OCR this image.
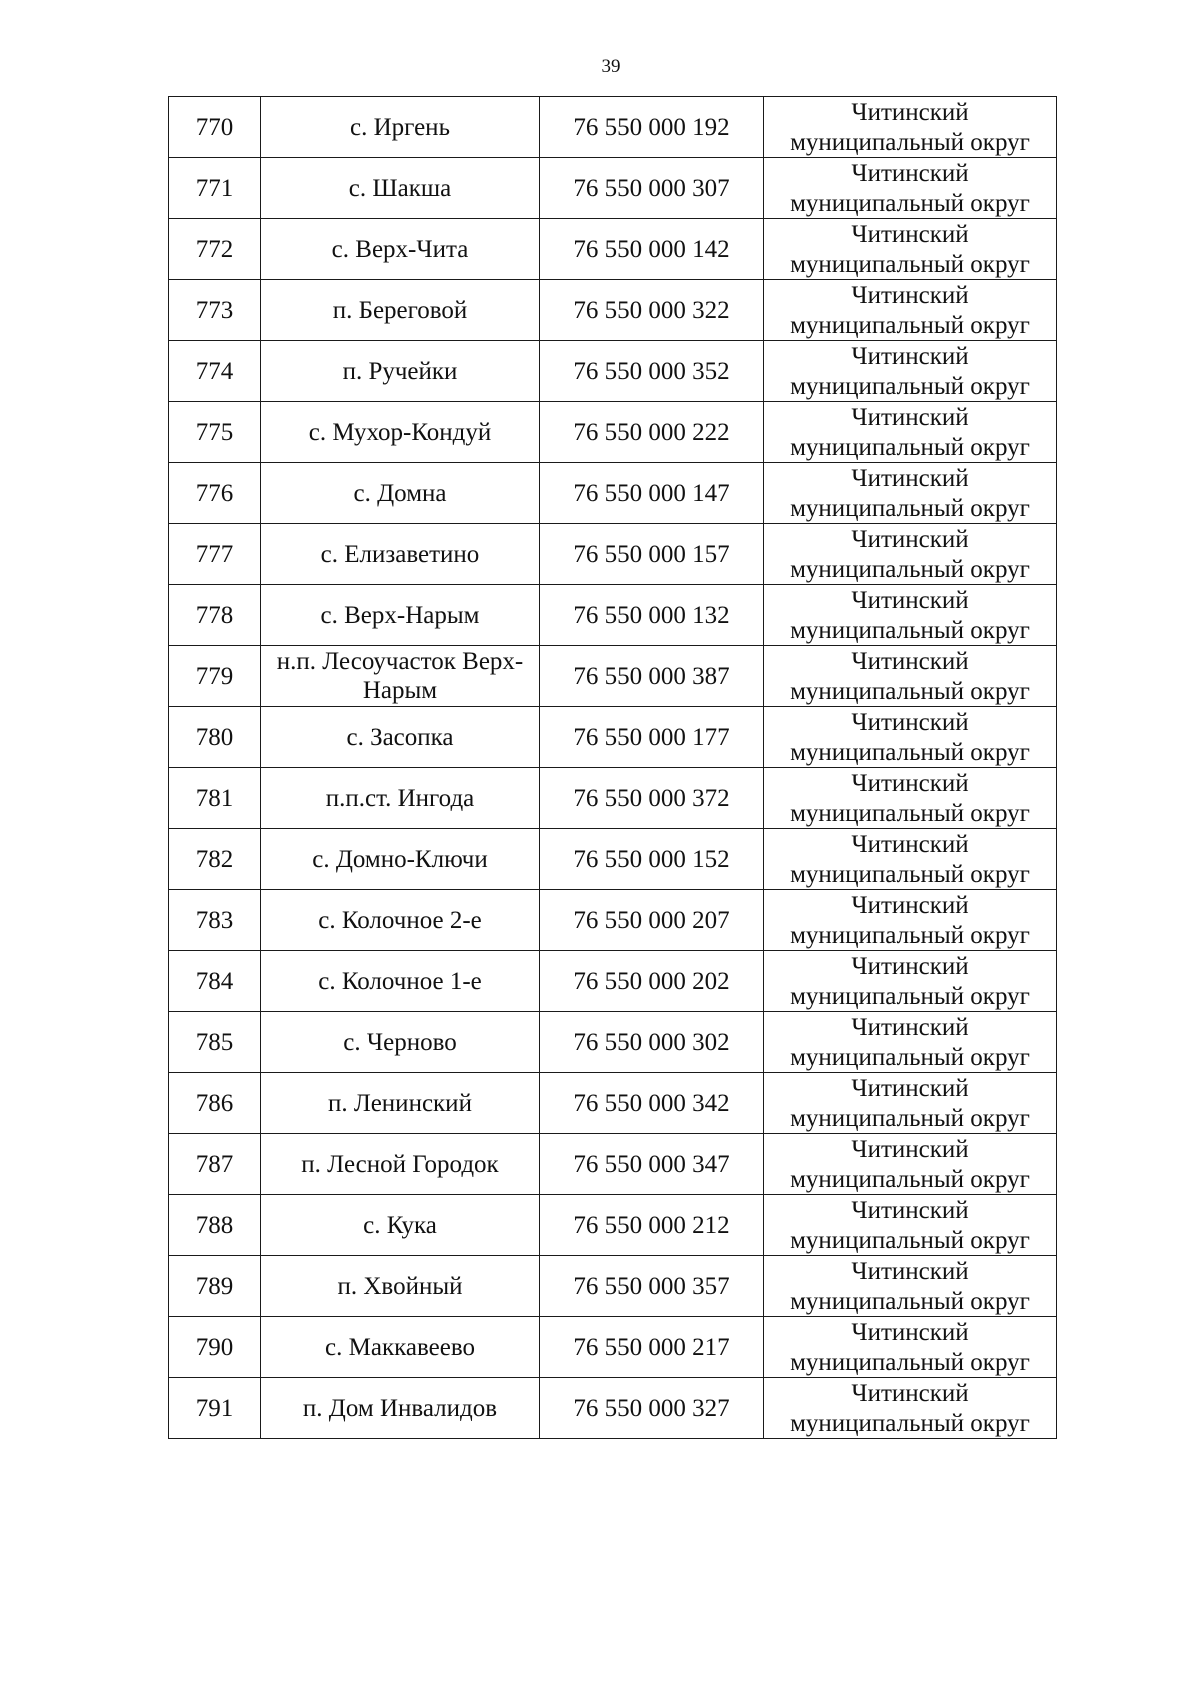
39
770	с. Иргень	76 550 000 192	Читинский
муниципальный округ

771	с. Шакша	76 550 000 307	Читинский
муниципальный округ

772	с. Верх-Чита	76 550 000 142	Читинский
муниципальный округ

773	п. Береговой	76 550 000 322	Читинский
муниципальный округ

774	п. Ручейки	76 550 000 352	Читинский
муниципальный округ

775	с. Мухор-Кондуй	76 550 000 222	Читинский
муниципальный округ

776	с. Домна	76 550 000 147	Читинский
муниципальный округ

777	с. Елизаветино	76 550 000 157	Читинский
муниципальный округ

778	с. Верх-Нарым	76 550 000 132	Читинский
муниципальный округ

779	н.п. Лесоучасток Верх-Нарым	76 550 000 387	Читинский
муниципальный округ

780	с. Засопка	76 550 000 177	Читинский
муниципальный округ

781	п.п.ст. Ингода	76 550 000 372	Читинский
муниципальный округ

782	с. Домно-Ключи	76 550 000 152	Читинский
муниципальный округ

783	с. Колочное 2-е	76 550 000 207	Читинский
муниципальный округ

784	с. Колочное 1-е	76 550 000 202	Читинский
муниципальный округ

785	с. Черново	76 550 000 302	Читинский
муниципальный округ

786	п. Ленинский	76 550 000 342	Читинский
муниципальный округ

787	п. Лесной Городок	76 550 000 347	Читинский
муниципальный округ

788	с. Кука	76 550 000 212	Читинский
муниципальный округ

789	п. Хвойный	76 550 000 357	Читинский
муниципальный округ

790	с. Маккавеево	76 550 000 217	Читинский
муниципальный округ

791	п. Дом Инвалидов	76 550 000 327	Читинский
муниципальный округ
